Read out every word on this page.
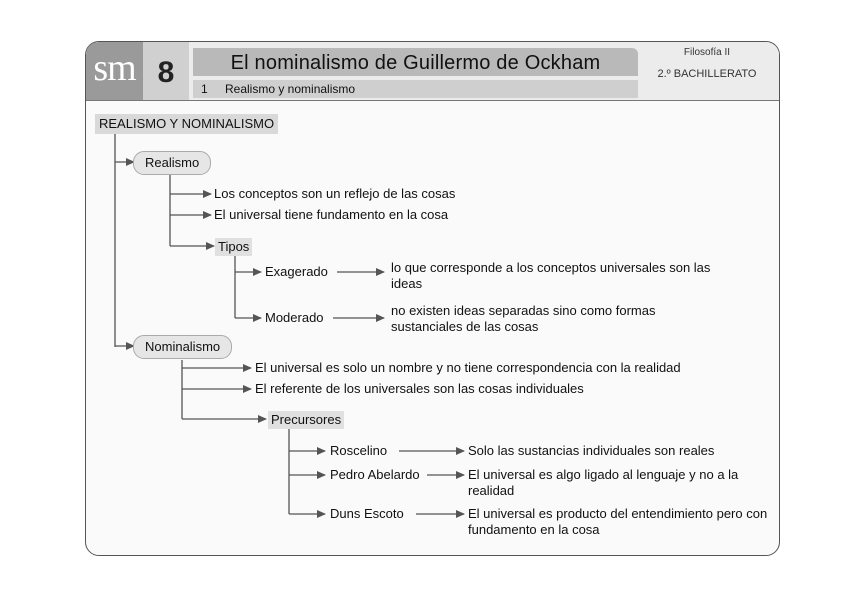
sm 8	El nominalismo de Guillermo de Ockham
1 Realismo y nominalismo
Filosofía II
2.º BACHILLERATO
REALISMO Y NOMINALISMO
Realismo
Los conceptos son un reflejo de las cosas
El universal tiene fundamento en la cosa
Tipos
Exagerado	lo que corresponde a los conceptos universales son las ideas
Moderado	no existen ideas separadas sino como formas sustanciales de las cosas
Nominalismo
El universal es solo un nombre y no tiene correspondencia con la realidad
El referente de los universales son las cosas individuales
Precursores
Roscelino	Solo las sustancias individuales son reales
Pedro Abelardo	El universal es algo ligado al lenguaje y no a la realidad
Duns Escoto	El universal es producto del entendimiento pero con fundamento en la cosa
